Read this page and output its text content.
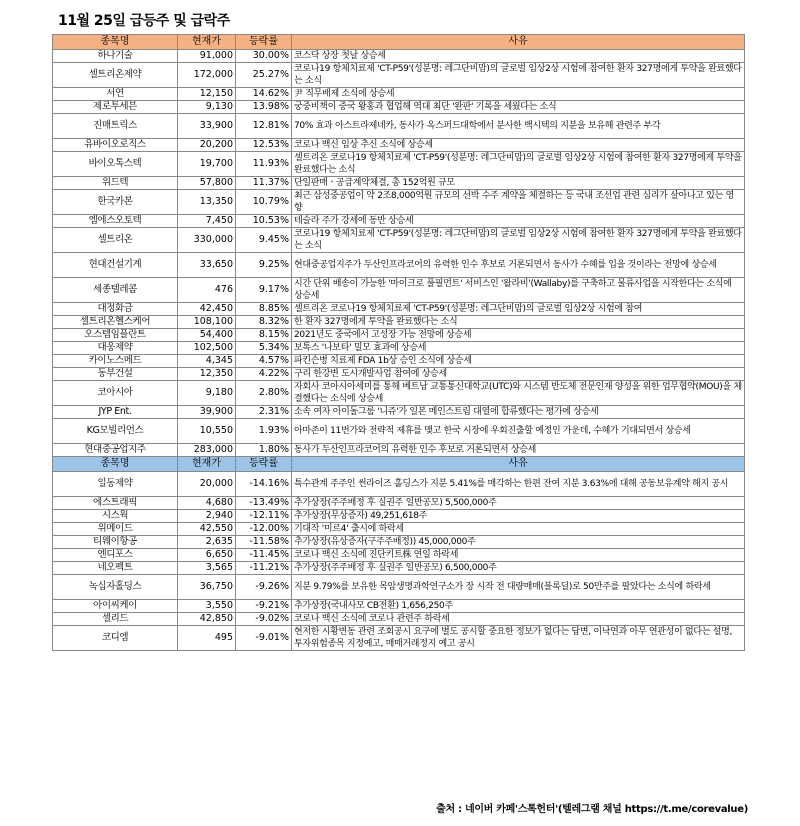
11월 25일 급등주 및 급락주
종목명	현재가	등락률	사유
하나기술	91,000	30.00%	코스닥 상장 첫날 상승세
셀트리온제약	172,000	25.27%	코로나19 항체치료제 'CT-P59'(성분명: 레그단비맙)의 글로벌 임상2상 시험에 참여한 환자 327명에게 투약을 완료했다는 소식
서연	12,150	14.62%	尹 직무배제 소식에 상승세
제로투세븐	9,130	13.98%	궁중비책이 중국 왕홍과 협업해 역대 최단 '완판' 기록을 세웠다는 소식
진매트릭스	33,900	12.81%	70% 효과 아스트라제네카, 동사가 옥스퍼드대학에서 분사한 백시텍의 지분을 보유해 관련주 부각
유바이오로직스	20,200	12.53%	코로나 백신 임상 추신 소식에 상승세
바이오톡스텍	19,700	11.93%	셀트리온 코로나19 항체치료제 'CT-P59'(성분명: 레그단비맙)의 글로벌 임상2상 시험에 참여한 환자 327명에게 투약을 완료했다는 소식
위드텍	57,800	11.37%	단일판매ㆍ공급계약체결, 총 152억원 규모
한국카본	13,350	10.79%	최근 삼성중공업이 약 2조8,000억원 규모의 선박 수주 계약을 체결하는 등 국내 조선업 관련 심리가 살아나고 있는 영향
엠에스오토텍	7,450	10.53%	테슬라 주가 강세에 동반 상승세
셀트리온	330,000	9.45%	코로나19 항체치료제 'CT-P59'(성분명: 레그단비맙)의 글로벌 임상2상 시험에 참여한 환자 327명에게 투약을 완료했다는 소식
현대건설기계	33,650	9.25%	현대중공업지주가 두산인프라코어의 유력한 인수 후보로 거론되면서 동사가 수혜를 입을 것이라는 전망에 상승세
세종텔레콤	476	9.17%	시간 단위 배송이 가능한 '마이크로 풀필먼트' 서비스인 '왈라비'(Wallaby)를 구축하고 물류사업을 시작한다는 소식에 상승세
대정화금	42,450	8.85%	셀트리온 코로나19 항체치료제 'CT-P59'(성분명: 레그단비맙)의 글로벌 임상2상 시험에 참여
셀트리온헬스케어	108,100	8.32%	한 환자 327명에게 투약을 완료했다는 소식
오스템임플란트	54,400	8.15%	2021년도 중국에서 고성장 가능 전망에 상승세
대웅제약	102,500	5.34%	보톡스 '나보타' 밀모 효과에 상승세
카이노스메드	4,345	4.57%	파킨슨병 치료제 FDA 1b상 승인 소식에 상승세
동부건설	12,350	4.22%	구리 한강변 도시개발사업 참여에 상승세
코아시아	9,180	2.80%	자회사 코아시아세미를 통해 베트남 교통통신대학교(UTC)와 시스템 반도체 전문인재 양성을 위한 업무협약(MOU)을 체결했다는 소식에 상승세
JYP Ent.	39,900	2.31%	소속 여자 아이돌그룹 '니쥬'가 일본 메인스트림 대열에 합류했다는 평가에 상승세
KG모빌리언스	10,550	1.93%	아마존이 11번가와 전략적 제휴를 맺고 한국 시장에 우회진출할 예정인 가운데, 수혜가 기대되면서 상승세
현대중공업지주	283,000	1.80%	동사가 두산인프라코어의 유력한 인수 후보로 거론되면서 상승세
종목명	현재가	등락률	사유
일동제약	20,000	-14.16%	특수관계 주주인 썬라이즈 홀딩스가 지분 5.41%를 매각하는 한편 잔여 지분 3.63%에 대해 공동보유계약 해지 공시
에스트래픽	4,680	-13.49%	추가상장(주주배정 후 실권주 일반공모) 5,500,000주
시스웍	2,940	-12.11%	추가상장(무상증자) 49,251,618주
위메이드	42,550	-12.00%	기대작 '미르4' 출시에 하락세
티웨이항공	2,635	-11.58%	추가상장(유상증자(구주주배정)) 45,000,000주
엔디포스	6,650	-11.45%	코로나 백신 소식에 진단키트株 연일 하락세
네오펙트	3,565	-11.21%	추가상장(주주배정 후 실권주 일반공모) 6,500,000주
녹십자홀딩스	36,750	-9.26%	지분 9.79%를 보유한 목암생명과학연구소가 장 시작 전 대량매매(블록딜)로 50만주를 팔았다는 소식에 하락세
아이씨케이	3,550	-9.21%	추가상장(국내사모 CB전환) 1,656,250주
셀리드	42,850	-9.02%	코로나 백신 소식에 코로나 관련주 하락세
코디엠	495	-9.01%	현저한 시황변동 관련 조회공시 요구에 별도 공시할 중요한 정보가 없다는 답변, 이낙연과 아무 연관성이 없다는 설명, 투자위험종목 지정예고, 매매거래정지 예고 공시
출처 : 네이버 카페'스톡헌터'(텔레그램 채널 https://t.me/corevalue)
